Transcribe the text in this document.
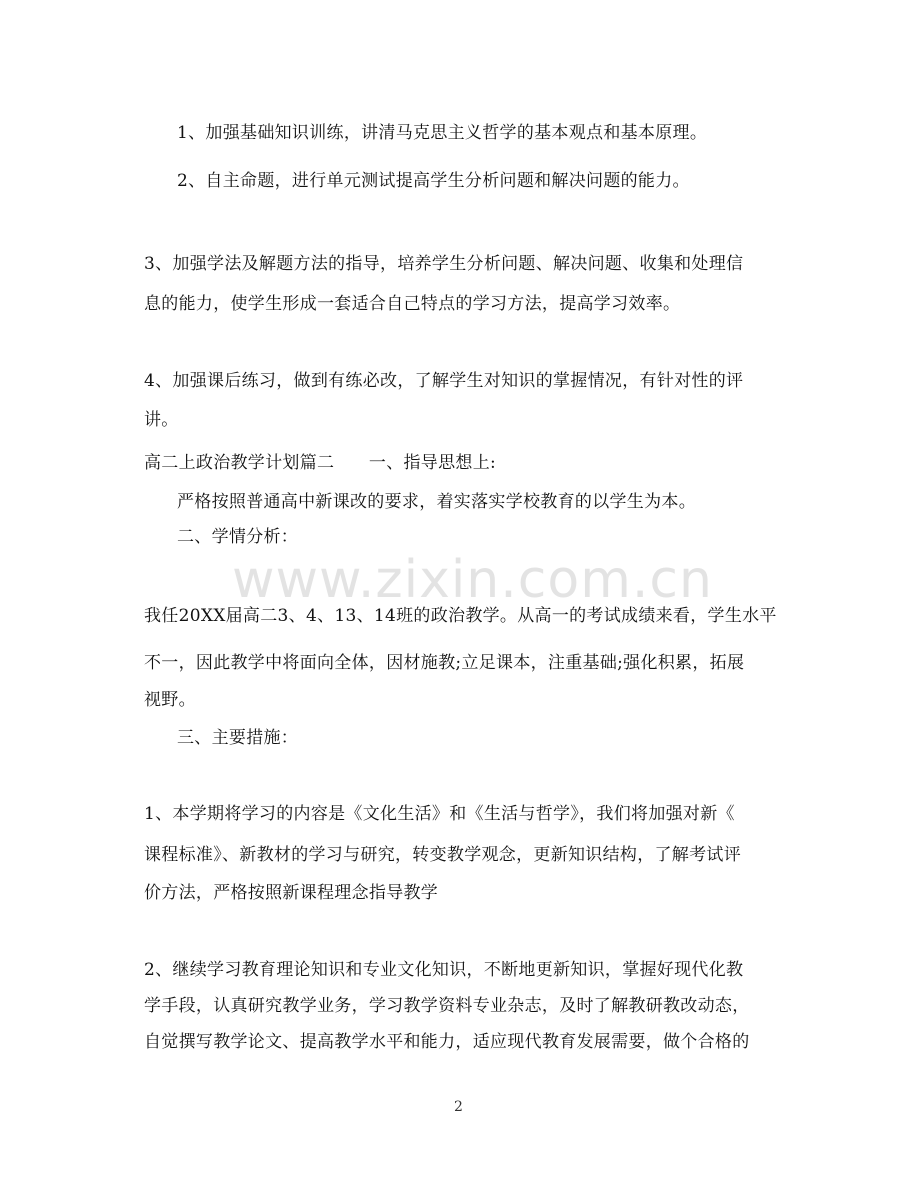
www.zixin.com.cn
1、加强基础知识训练，讲清马克思主义哲学的基本观点和基本原理。
2、自主命题，进行单元测试提高学生分析问题和解决问题的能力。
3、加强学法及解题方法的指导，培养学生分析问题、解决问题、收集和处理信
息的能力，使学生形成一套适合自己特点的学习方法，提高学习效率。
4、加强课后练习，做到有练必改，了解学生对知识的掌握情况，有针对性的评
讲。
高二上政治教学计划篇二　　一、指导思想上:
严格按照普通高中新课改的要求，着实落实学校教育的以学生为本。
二、学情分析：
我任20XX届高二3、4、13、14班的政治教学。从高一的考试成绩来看，学生水平
不一，因此教学中将面向全体，因材施教;立足课本，注重基础;强化积累，拓展
视野。
三、主要措施：
1、本学期将学习的内容是《文化生活》和《生活与哲学》，我们将加强对新《
课程标准》、新教材的学习与研究，转变教学观念，更新知识结构，了解考试评
价方法，严格按照新课程理念指导教学
2、继续学习教育理论知识和专业文化知识，不断地更新知识，掌握好现代化教
学手段，认真研究教学业务，学习教学资料专业杂志，及时了解教研教改动态，
自觉撰写教学论文、提高教学水平和能力，适应现代教育发展需要，做个合格的
2
